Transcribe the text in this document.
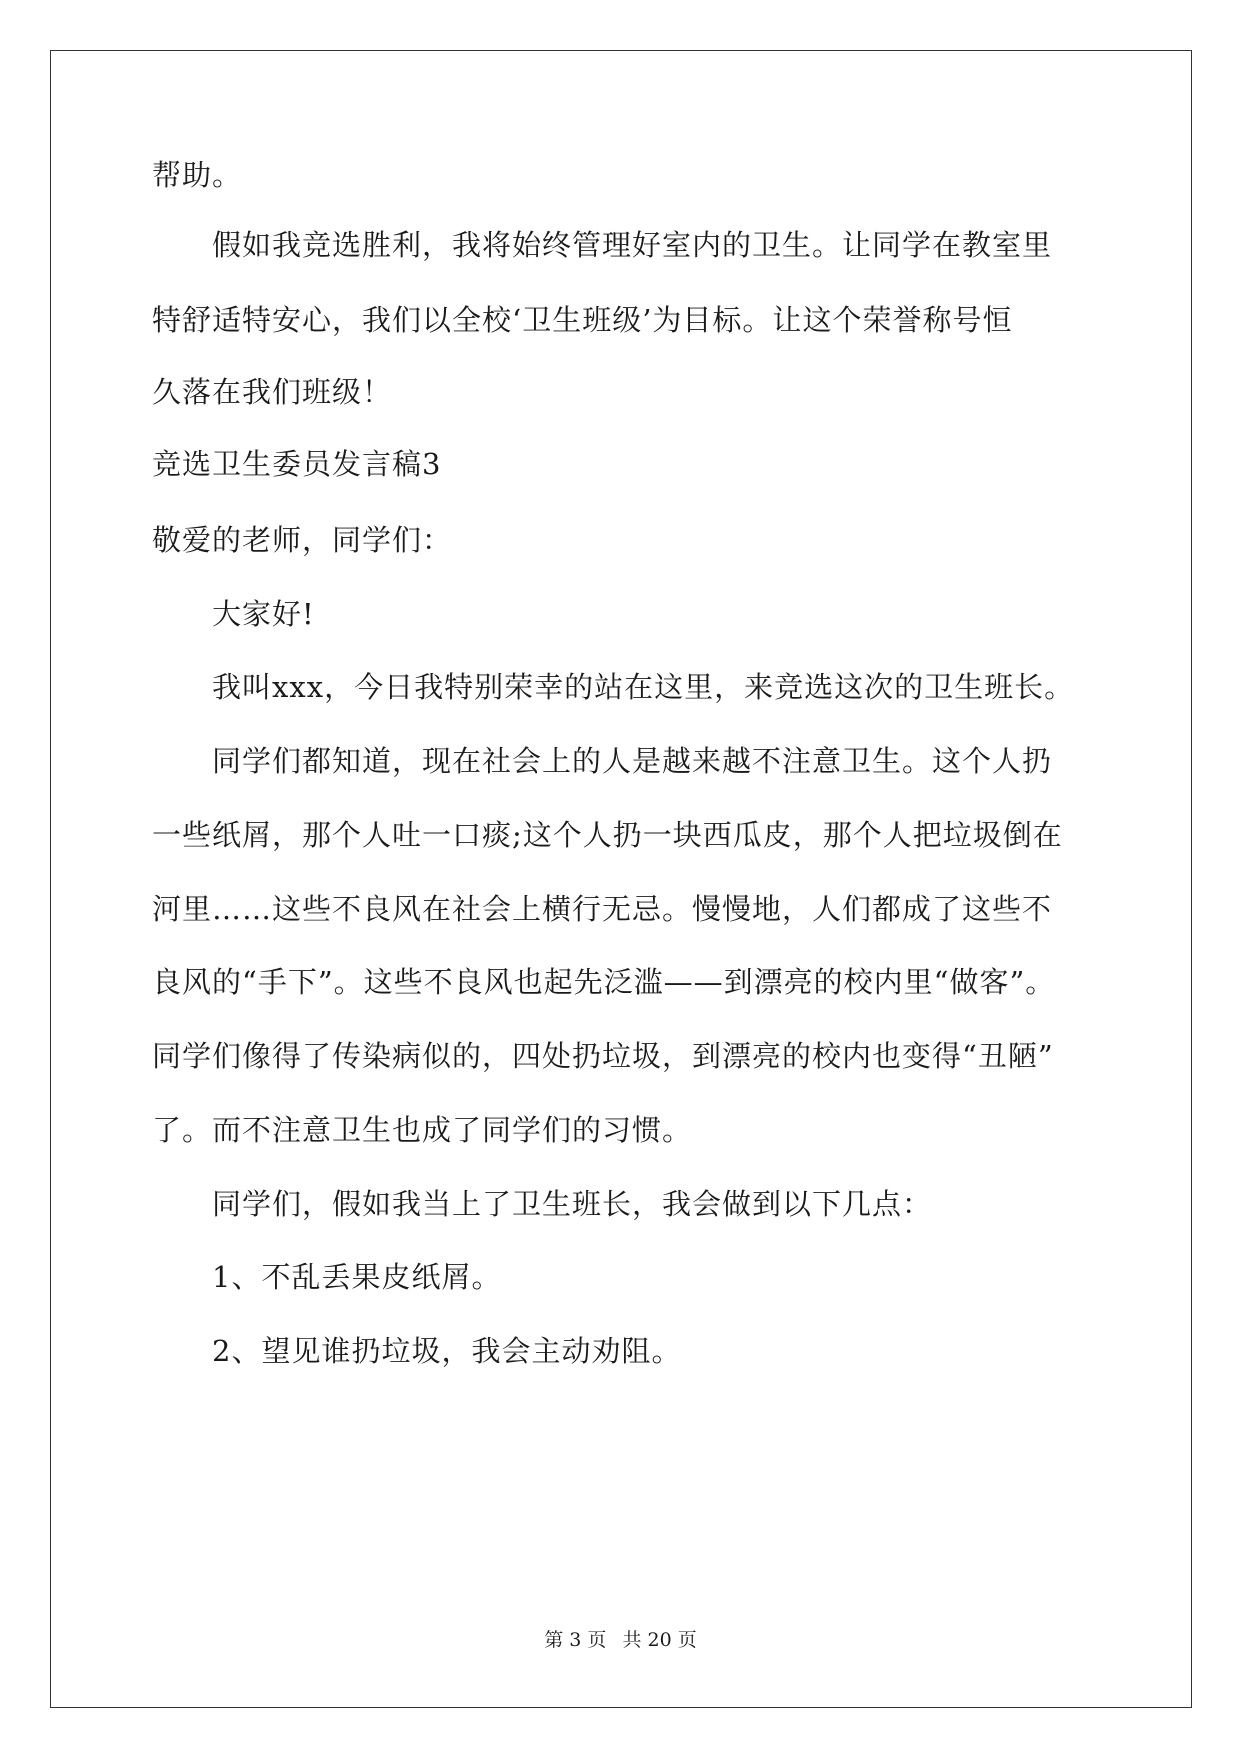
帮助。

　　假如我竞选胜利，我将始终管理好室内的卫生。让同学在教室里

特舒适特安心，我们以全校‘卫生班级’为目标。让这个荣誉称号恒

久落在我们班级！

竞选卫生委员发言稿3

敬爱的老师，同学们：

　　大家好!

　　我叫xxx，今日我特别荣幸的站在这里，来竞选这次的卫生班长。

　　同学们都知道，现在社会上的人是越来越不注意卫生。这个人扔

一些纸屑，那个人吐一口痰;这个人扔一块西瓜皮，那个人把垃圾倒在

河里……这些不良风在社会上横行无忌。慢慢地，人们都成了这些不

良风的“手下”。这些不良风也起先泛滥——到漂亮的校内里“做客”。

同学们像得了传染病似的，四处扔垃圾，到漂亮的校内也变得“丑陋”

了。而不注意卫生也成了同学们的习惯。

　　同学们，假如我当上了卫生班长，我会做到以下几点：

　　1、不乱丢果皮纸屑。

　　2、望见谁扔垃圾，我会主动劝阻。

第 3 页 共 20 页
